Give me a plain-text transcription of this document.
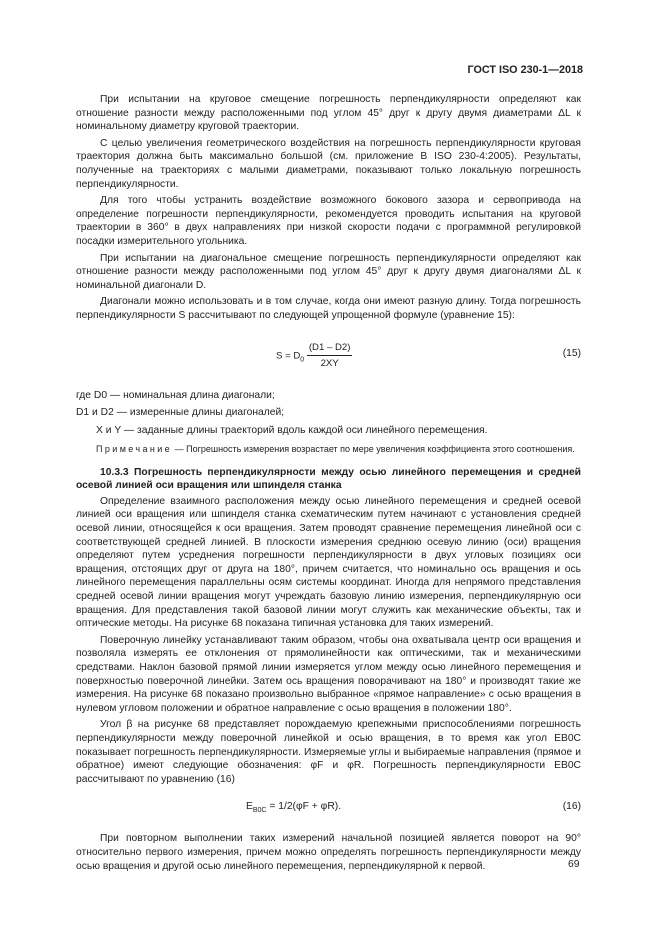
ГОСТ ISO 230-1—2018

При испытании на круговое смещение погрешность перпендикулярности определяют как отношение разности между расположенными под углом 45° друг к другу двумя диаметрами ΔL к номинальному диаметру круговой траектории.

С целью увеличения геометрического воздействия на погрешность перпендикулярности круговая траектория должна быть максимально большой (см. приложение B ISO 230-4:2005). Результаты, полученные на траекториях с малыми диаметрами, показывают только локальную погрешность перпендикулярности.

Для того чтобы устранить воздействие возможного бокового зазора и сервопривода на определение погрешности перпендикулярности, рекомендуется проводить испытания на круговой траектории в 360° в двух направлениях при низкой скорости подачи с программной регулировкой посадки измерительного угольника.

При испытании на диагональное смещение погрешность перпендикулярности определяют как отношение разности между расположенными под углом 45° друг к другу двумя диагоналями ΔL к номинальной диагонали D.

Диагонали можно использовать и в том случае, когда они имеют разную длину. Тогда погрешность перпендикулярности S рассчитывают по следующей упрощенной формуле (уравнение 15):

$S = D_0 \frac{(D1 - D2)}{2XY}$	(15)
где D0 — номинальная длина диагонали;
D1 и D2 — измеренные длины диагоналей;
X и Y — заданные длины траекторий вдоль каждой оси линейного перемещения.
Примечание — Погрешность измерения возрастает по мере увеличения коэффициента этого соотношения.
10.3.3 Погрешность перпендикулярности между осью линейного перемещения и средней осевой линией оси вращения или шпинделя станка

Определение взаимного расположения между осью линейного перемещения и средней осевой линией оси вращения или шпинделя станка схематическим путем начинают с установления средней осевой линии, относящейся к оси вращения. Затем проводят сравнение перемещения линейной оси с соответствующей средней линией. В плоскости измерения среднюю осевую линию (оси) вращения определяют путем усреднения погрешности перпендикулярности в двух угловых позициях оси вращения, отстоящих друг от друга на 180°, причем считается, что номинально ось вращения и ось линейного перемещения параллельны осям системы координат. Иногда для непрямого представления средней осевой линии вращения могут учреждать базовую линию измерения, перпендикулярную оси вращения. Для представления такой базовой линии могут служить как механические объекты, так и оптические методы. На рисунке 68 показана типичная установка для таких измерений.

Поверочную линейку устанавливают таким образом, чтобы она охватывала центр оси вращения и позволяла измерять ее отклонения от прямолинейности как оптическими, так и механическими средствами. Наклон базовой прямой линии измеряется углом между осью линейного перемещения и поверхностью поверочной линейки. Затем ось вращения поворачивают на 180° и производят такие же измерения. На рисунке 68 показано произвольно выбранное «прямое направление» с осью вращения в нулевом угловом положении и обратное направление с осью вращения в положении 180°.

Угол β на рисунке 68 представляет порождаемую крепежными приспособлениями погрешность перпендикулярности между поверочной линейкой и осью вращения, в то время как угол EB0C показывает погрешность перпендикулярности. Измеряемые углы и выбираемые направления (прямое и обратное) имеют следующие обозначения: φF и φR. Погрешность перпендикулярности EB0C рассчитывают по уравнению (16)

$E_{B0C} = 1/2(\varphi F + \varphi R)$.	(16)

При повторном выполнении таких измерений начальной позицией является поворот на 90° относительно первого измерения, причем можно определять погрешность перпендикулярности между осью вращения и другой осью линейного перемещения, перпендикулярной к первой.	69
